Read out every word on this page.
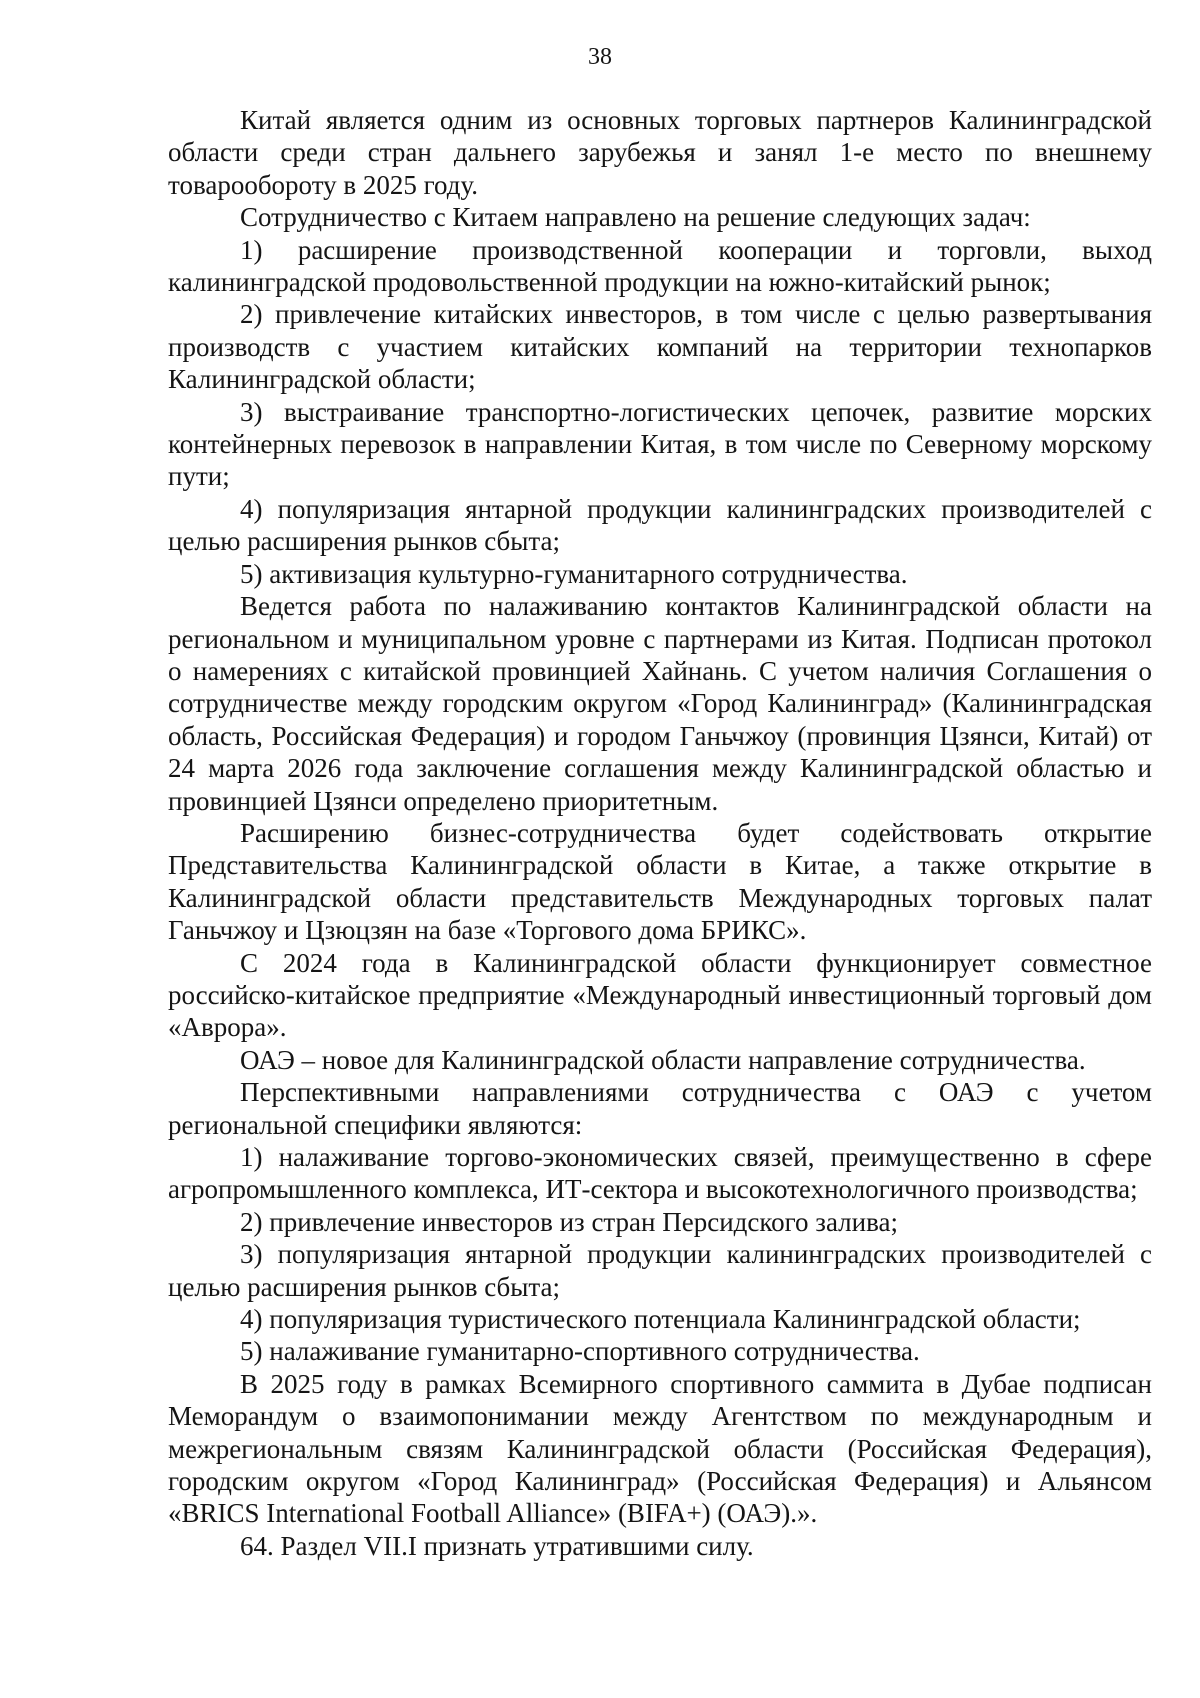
38

Китай является одним из основных торговых партнеров Калининградской области среди стран дальнего зарубежья и занял 1-е место по внешнему товарообороту в 2025 году.

Сотрудничество с Китаем направлено на решение следующих задач:

1) расширение производственной кооперации и торговли, выход калининградской продовольственной продукции на южно-китайский рынок;

2) привлечение китайских инвесторов, в том числе с целью развертывания производств с участием китайских компаний на территории технопарков Калининградской области;

3) выстраивание транспортно-логистических цепочек, развитие морских контейнерных перевозок в направлении Китая, в том числе по Северному морскому пути;

4) популяризация янтарной продукции калининградских производителей с целью расширения рынков сбыта;

5) активизация культурно-гуманитарного сотрудничества.

Ведется работа по налаживанию контактов Калининградской области на региональном и муниципальном уровне с партнерами из Китая. Подписан протокол о намерениях с китайской провинцией Хайнань. С учетом наличия Соглашения о сотрудничестве между городским округом «Город Калининград» (Калининградская область, Российская Федерация) и городом Ганьчжоу (провинция Цзянси, Китай) от 24 марта 2026 года заключение соглашения между Калининградской областью и провинцией Цзянси определено приоритетным.

Расширению бизнес-сотрудничества будет содействовать открытие Представительства Калининградской области в Китае, а также открытие в Калининградской области представительств Международных торговых палат Ганьчжоу и Цзюцзян на базе «Торгового дома БРИКС».

С 2024 года в Калининградской области функционирует совместное российско-китайское предприятие «Международный инвестиционный торговый дом «Аврора».

ОАЭ – новое для Калининградской области направление сотрудничества.

Перспективными направлениями сотрудничества с ОАЭ с учетом региональной специфики являются:

1) налаживание торгово-экономических связей, преимущественно в сфере агропромышленного комплекса, ИТ-сектора и высокотехнологичного производства;

2) привлечение инвесторов из стран Персидского залива;

3) популяризация янтарной продукции калининградских производителей с целью расширения рынков сбыта;

4) популяризация туристического потенциала Калининградской области;

5) налаживание гуманитарно-спортивного сотрудничества.

В 2025 году в рамках Всемирного спортивного саммита в Дубае подписан Меморандум о взаимопонимании между Агентством по международным и межрегиональным связям Калининградской области (Российская Федерация), городским округом «Город Калининград» (Российская Федерация) и Альянсом «BRICS International Football Alliance» (BIFA+) (ОАЭ).».

64. Раздел VII.I признать утратившими силу.
